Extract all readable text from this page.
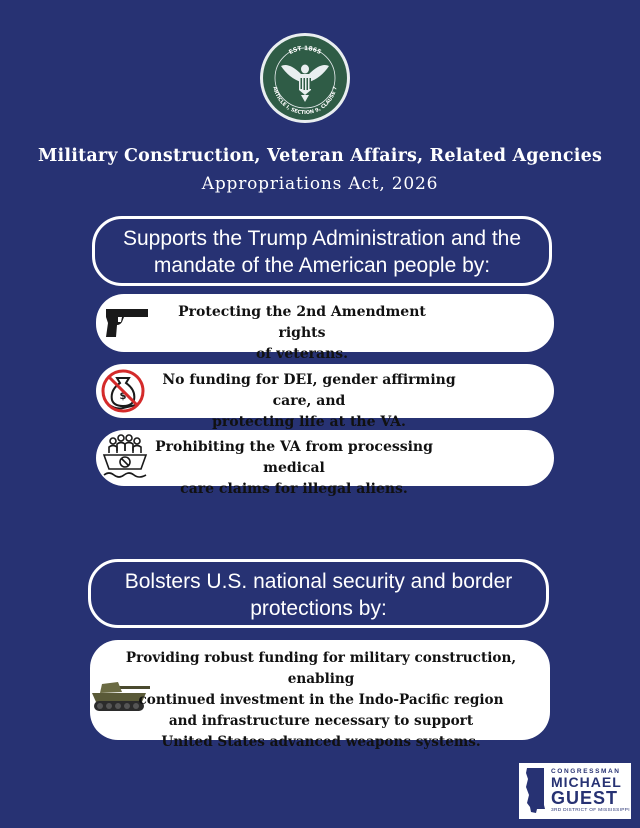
EST 1865
ARTICLE I, SECTION 9, CLAUSE 7
Military Construction, Veteran Affairs, Related Agencies
Appropriations Act, 2026
Supports the Trump Administration and the
mandate of the American people by:
Protecting the 2nd Amendment rights
of veterans.
$
No funding for DEI, gender affirming care, and
protecting life at the VA.
Prohibiting the VA from processing medical
care claims for illegal aliens.
Bolsters U.S. national security and border
protections by:
Providing robust funding for military construction, enabling
continued investment in the Indo-Pacific region
and infrastructure necessary to support
United States advanced weapons systems.
CONGRESSMAN
MICHAEL
GUEST
3RD DISTRICT OF MISSISSIPPI
